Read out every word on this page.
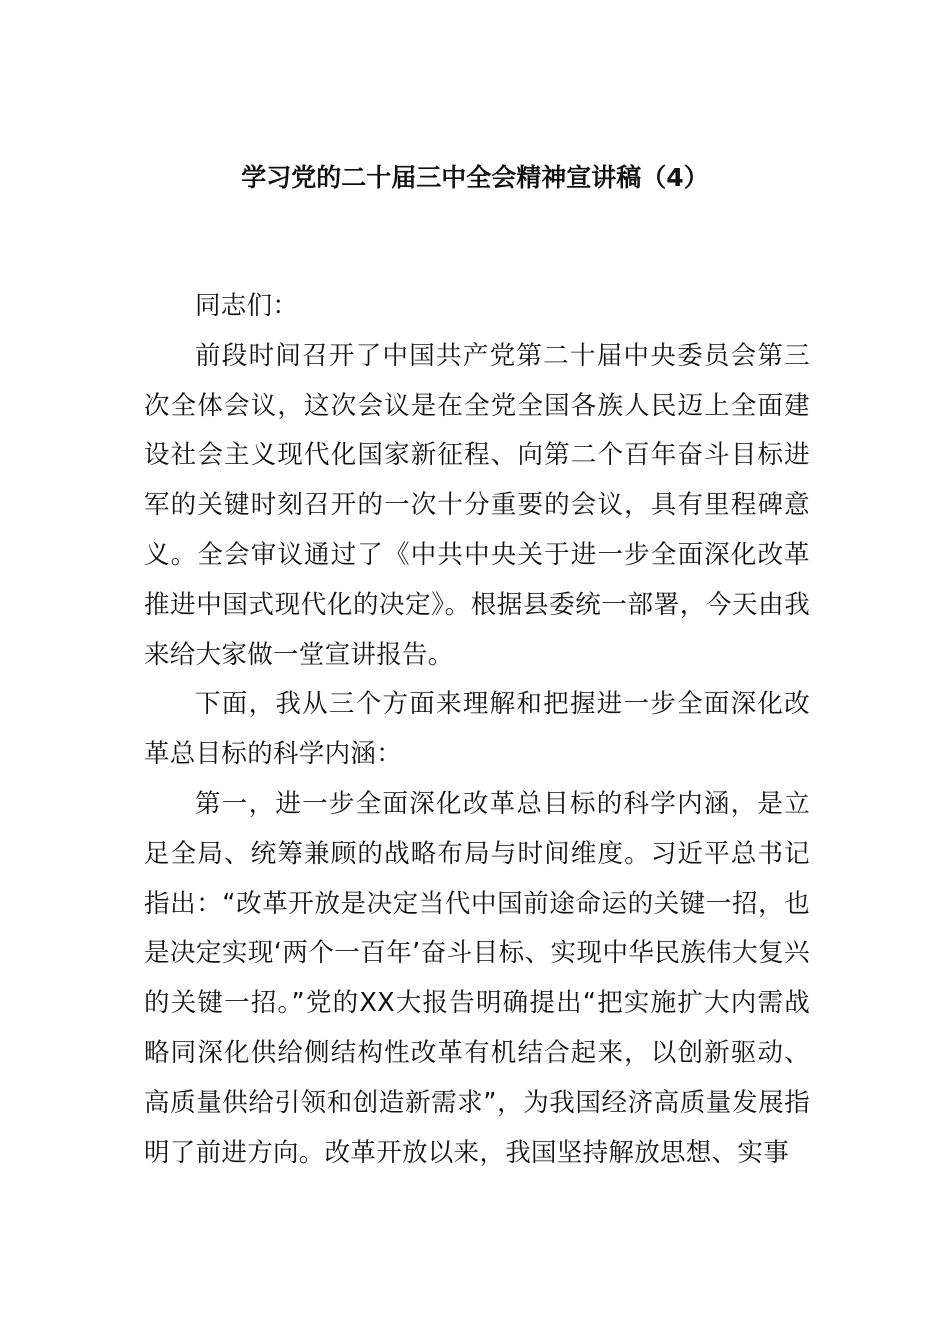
学习党的二十届三中全会精神宣讲稿（4）

同志们：

前段时间召开了中国共产党第二十届中央委员会第三次全体会议，这次会议是在全党全国各族人民迈上全面建设社会主义现代化国家新征程、向第二个百年奋斗目标进军的关键时刻召开的一次十分重要的会议，具有里程碑意义。全会审议通过了《中共中央关于进一步全面深化改革推进中国式现代化的决定》。根据县委统一部署，今天由我来给大家做一堂宣讲报告。

下面，我从三个方面来理解和把握进一步全面深化改革总目标的科学内涵：

第一，进一步全面深化改革总目标的科学内涵，是立足全局、统筹兼顾的战略布局与时间维度。习近平总书记指出：“改革开放是决定当代中国前途命运的关键一招，也是决定实现‘两个一百年’奋斗目标、实现中华民族伟大复兴的关键一招。”党的XX大报告明确提出“把实施扩大内需战略同深化供给侧结构性改革有机结合起来，以创新驱动、高质量供给引领和创造新需求”，为我国经济高质量发展指明了前进方向。改革开放以来，我国坚持解放思想、实事
